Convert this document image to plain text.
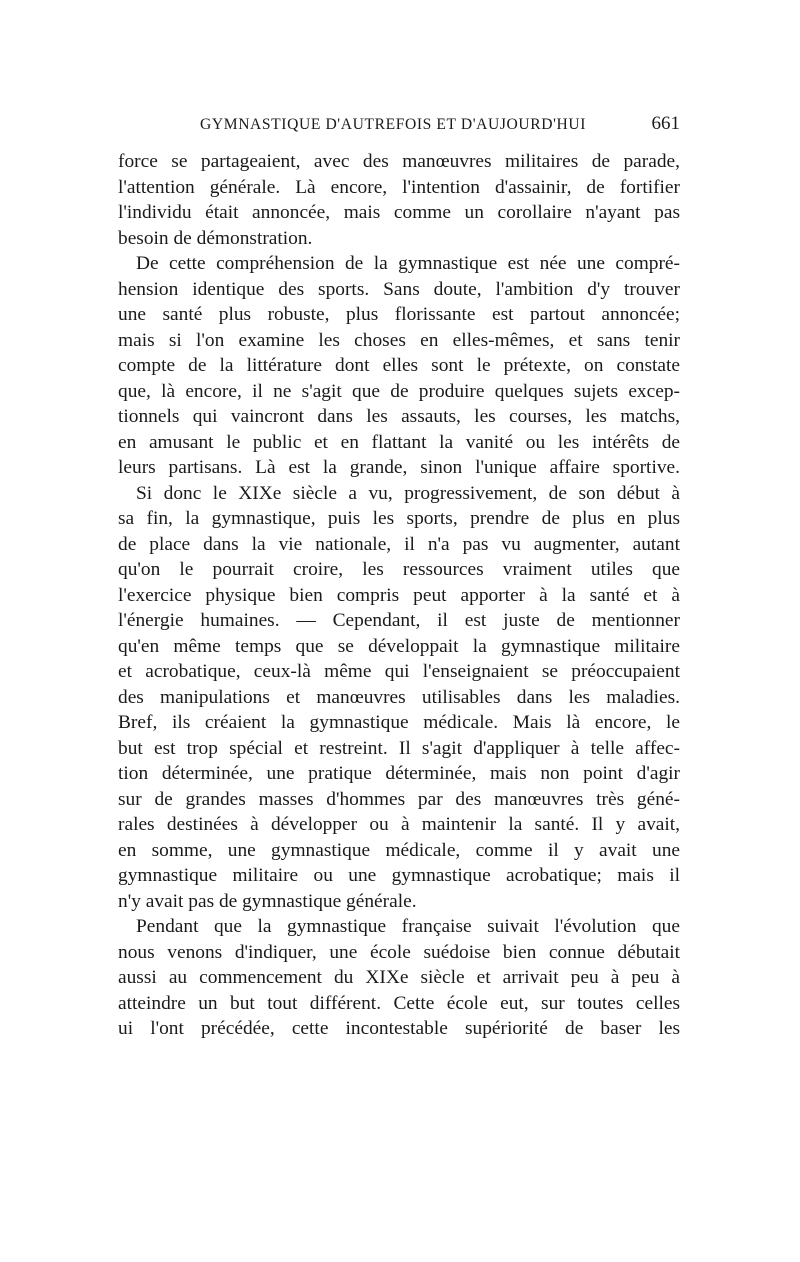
GYMNASTIQUE D'AUTREFOIS ET D'AUJOURD'HUI	661
force se partageaient, avec des manœuvres militaires de parade,
l'attention générale. Là encore, l'intention d'assainir, de fortifier
l'individu était annoncée, mais comme un corollaire n'ayant pas
besoin de démonstration.
De cette compréhension de la gymnastique est née une compré-
hension identique des sports. Sans doute, l'ambition d'y trouver
une santé plus robuste, plus florissante est partout annoncée;
mais si l'on examine les choses en elles-mêmes, et sans tenir
compte de la littérature dont elles sont le prétexte, on constate
que, là encore, il ne s'agit que de produire quelques sujets excep-
tionnels qui vaincront dans les assauts, les courses, les matchs,
en amusant le public et en flattant la vanité ou les intérêts de
leurs partisans. Là est la grande, sinon l'unique affaire sportive.
Si donc le XIXe siècle a vu, progressivement, de son début à
sa fin, la gymnastique, puis les sports, prendre de plus en plus
de place dans la vie nationale, il n'a pas vu augmenter, autant
qu'on le pourrait croire, les ressources vraiment utiles que
l'exercice physique bien compris peut apporter à la santé et à
l'énergie humaines. — Cependant, il est juste de mentionner
qu'en même temps que se développait la gymnastique militaire
et acrobatique, ceux-là même qui l'enseignaient se préoccupaient
des manipulations et manœuvres utilisables dans les maladies.
Bref, ils créaient la gymnastique médicale. Mais là encore, le
but est trop spécial et restreint. Il s'agit d'appliquer à telle affec-
tion déterminée, une pratique déterminée, mais non point d'agir
sur de grandes masses d'hommes par des manœuvres très géné-
rales destinées à développer ou à maintenir la santé. Il y avait,
en somme, une gymnastique médicale, comme il y avait une
gymnastique militaire ou une gymnastique acrobatique; mais il
n'y avait pas de gymnastique générale.
Pendant que la gymnastique française suivait l'évolution que
nous venons d'indiquer, une école suédoise bien connue débutait
aussi au commencement du XIXe siècle et arrivait peu à peu à
atteindre un but tout différent. Cette école eut, sur toutes celles
ui l'ont précédée, cette incontestable supériorité de baser les
